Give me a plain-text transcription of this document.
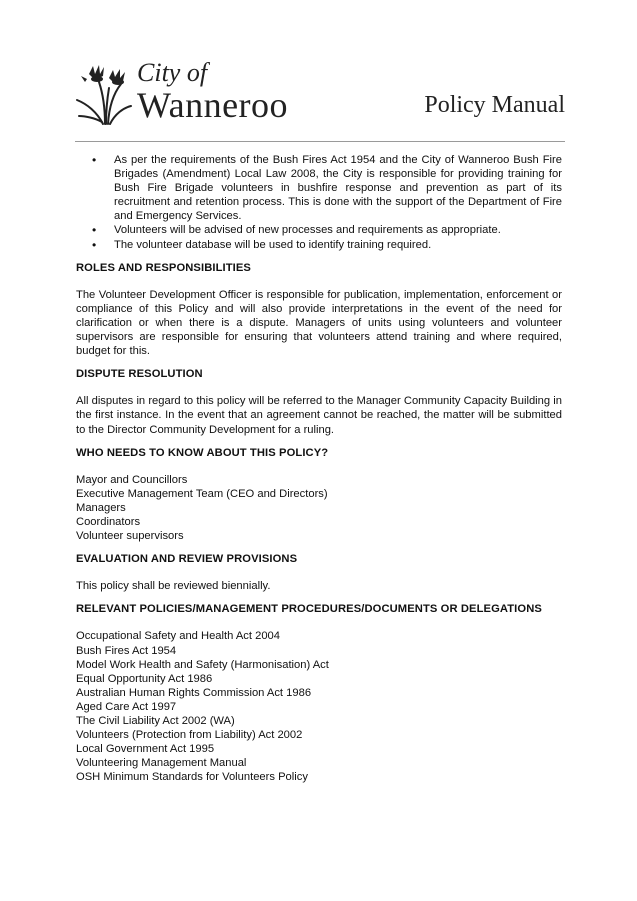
City of
Wanneroo	Policy Manual
• As per the requirements of the Bush Fires Act 1954 and the City of Wanneroo Bush Fire Brigades (Amendment) Local Law 2008, the City is responsible for providing training for Bush Fire Brigade volunteers in bushfire response and prevention as part of its recruitment and retention process. This is done with the support of the Department of Fire and Emergency Services.
• Volunteers will be advised of new processes and requirements as appropriate.
• The volunteer database will be used to identify training required.
ROLES AND RESPONSIBILITIES

The Volunteer Development Officer is responsible for publication, implementation, enforcement or compliance of this Policy and will also provide interpretations in the event of the need for clarification or when there is a dispute. Managers of units using volunteers and volunteer supervisors are responsible for ensuring that volunteers attend training and where required, budget for this.

DISPUTE RESOLUTION

All disputes in regard to this policy will be referred to the Manager Community Capacity Building in the first instance. In the event that an agreement cannot be reached, the matter will be submitted to the Director Community Development for a ruling.

WHO NEEDS TO KNOW ABOUT THIS POLICY?
Mayor and Councillors
Executive Management Team (CEO and Directors)
Managers
Coordinators
Volunteer supervisors
EVALUATION AND REVIEW PROVISIONS

This policy shall be reviewed biennially.

RELEVANT POLICIES/MANAGEMENT PROCEDURES/DOCUMENTS OR DELEGATIONS
Occupational Safety and Health Act 2004
Bush Fires Act 1954
Model Work Health and Safety (Harmonisation) Act
Equal Opportunity Act 1986
Australian Human Rights Commission Act 1986
Aged Care Act 1997
The Civil Liability Act 2002 (WA)
Volunteers (Protection from Liability) Act 2002
Local Government Act 1995
Volunteering Management Manual
OSH Minimum Standards for Volunteers Policy
